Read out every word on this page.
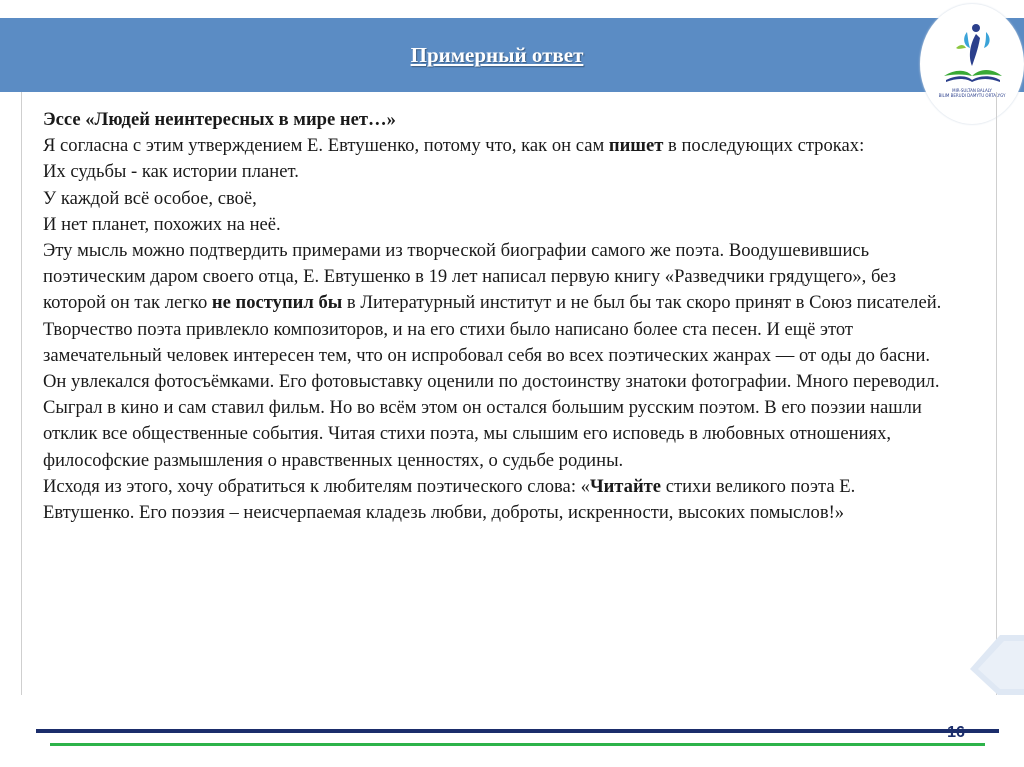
Примерный ответ
MIR-SULTAN BALALY
BILIM BERUDI DAMYTU ORTALYGY

Эссе «Людей неинтересных в мире нет…»

Я согласна с этим утверждением Е. Евтушенко, потому что, как он сам пишет в последующих строках:

Их судьбы - как истории планет.

У каждой всё особое, своё,

И нет планет, похожих на неё.

Эту мысль можно подтвердить примерами из творческой биографии самого же поэта. Воодушевившись поэтическим даром своего отца, Е. Евтушенко в 19 лет написал первую книгу «Разведчики грядущего», без которой он так легко не поступил бы в Литературный институт и не был бы так скоро принят в Союз писателей. Творчество поэта привлекло композиторов, и на его стихи было написано более ста песен. И ещё этот замечательный человек интересен тем, что он испробовал себя во всех поэтических жанрах — от оды до басни. Он увлекался фотосъёмками. Его фотовыставку оценили по достоинству знатоки фотографии. Много переводил. Сыграл в кино и сам ставил фильм. Но во всём этом он остался большим русским поэтом. В его поэзии нашли отклик все общественные события. Читая стихи поэта, мы слышим его исповедь в любовных отношениях, философские размышления о нравственных ценностях, о судьбе родины.

Исходя из этого, хочу обратиться к любителям поэтического слова: «Читайте стихи великого поэта Е. Евтушенко. Его поэзия – неисчерпаемая кладезь любви, доброты, искренности, высоких помыслов!»

16
